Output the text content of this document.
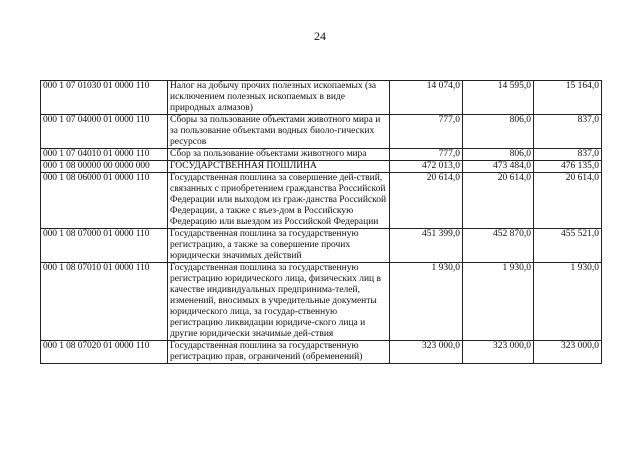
24
000 1 07 01030 01 0000 110	Налог на добычу прочих полезных ископаемых (за исключением полезных ископаемых в виде природных алмазов)	14 074,0	14 595,0	15 164,0
000 1 07 04000 01 0000 110	Сборы за пользование объектами животного мира и за пользование объектами водных биоло-гических ресурсов	777,0	806,0	837,0
000 1 07 04010 01 0000 110	Сбор за пользование объектами животного мира	777,0	806,0	837,0
000 1 08 00000 00 0000 000	ГОСУДАРСТВЕННАЯ ПОШЛИНА	472 013,0	473 484,0	476 135,0
000 1 08 06000 01 0000 110	Государственная пошлина за совершение дей-ствий, связанных с приобретением гражданства Российской Федерации или выходом из граж-данства Российской Федерации, а также с въез-дом в Российскую Федерацию или выездом из Российской Федерации	20 614,0	20 614,0	20 614,0
000 1 08 07000 01 0000 110	Государственная пошлина за государственную регистрацию, а также за совершение прочих юридически значимых действий	451 399,0	452 870,0	455 521,0
000 1 08 07010 01 0000 110	Государственная пошлина за государственную регистрацию юридического лица, физических лиц в качестве индивидуальных предпринима-телей, изменений, вносимых в учредительные документы юридического лица, за государ-ственную регистрацию ликвидации юридиче-ского лица и другие юридически значимые дей-ствия	1 930,0	1 930,0	1 930,0
000 1 08 07020 01 0000 110	Государственная пошлина за государственную регистрацию прав, ограничений (обременений)	323 000,0	323 000,0	323 000,0
